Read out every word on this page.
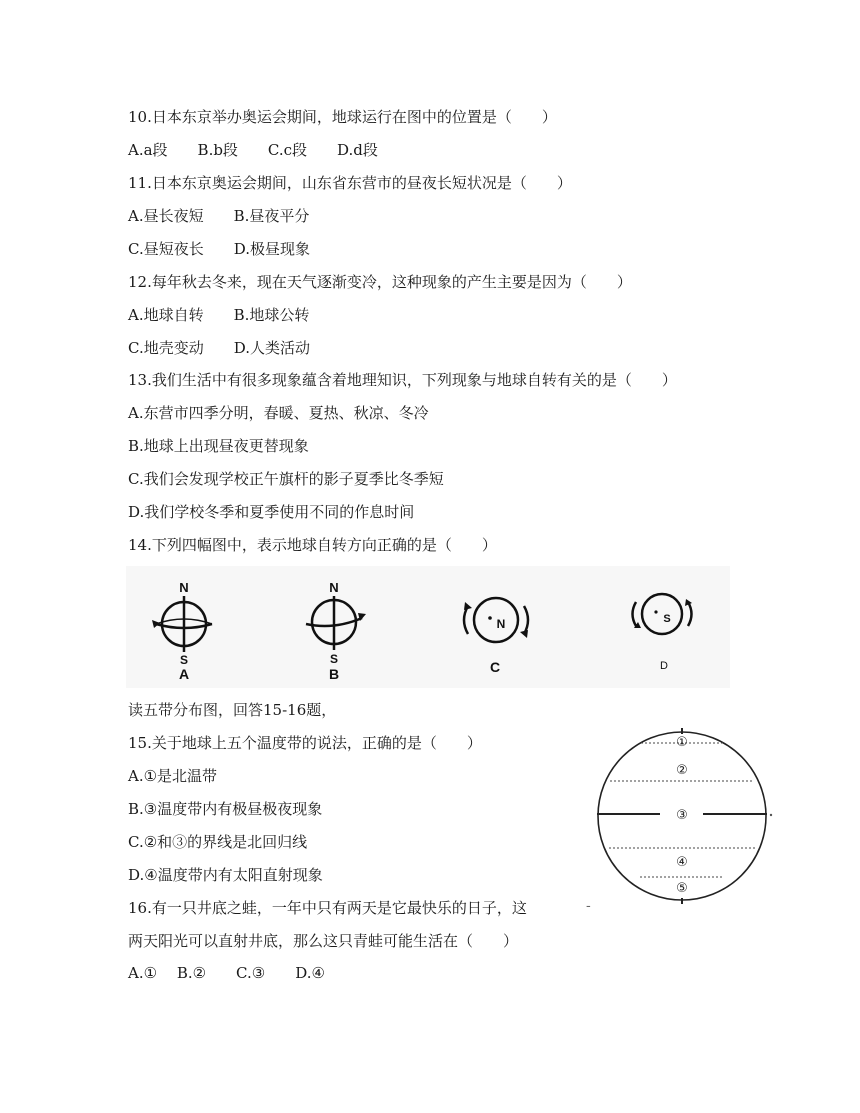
10.日本东京举办奥运会期间，地球运行在图中的位置是（　　）
A.a段　　B.b段　　C.c段　　D.d段
11.日本东京奥运会期间，山东省东营市的昼夜长短状况是（　　）
A.昼长夜短　　B.昼夜平分
C.昼短夜长　　D.极昼现象
12.每年秋去冬来，现在天气逐渐变冷，这种现象的产生主要是因为（　　）
A.地球自转　　B.地球公转
C.地壳变动　　D.人类活动
13.我们生活中有很多现象蕴含着地理知识，下列现象与地球自转有关的是（　　）
A.东营市四季分明，春暖、夏热、秋凉、冬冷
B.地球上出现昼夜更替现象
C.我们会发现学校正午旗杆的影子夏季比冬季短
D.我们学校冬季和夏季使用不同的作息时间
14.下列四幅图中，表示地球自转方向正确的是（　　）
N
S
A
N
S
B
N
C
S
D
读五带分布图，回答15-16题，
15.关于地球上五个温度带的说法，正确的是（　　）
A.①是北温带
B.③温度带内有极昼极夜现象
C.②和③的界线是北回归线
D.④温度带内有太阳直射现象
①
②
③
④
⑤
-
16.有一只井底之蛙，一年中只有两天是它最快乐的日子，这
两天阳光可以直射井底，那么这只青蛙可能生活在（　　）
A.①　 B.②　　C.③　　D.④
